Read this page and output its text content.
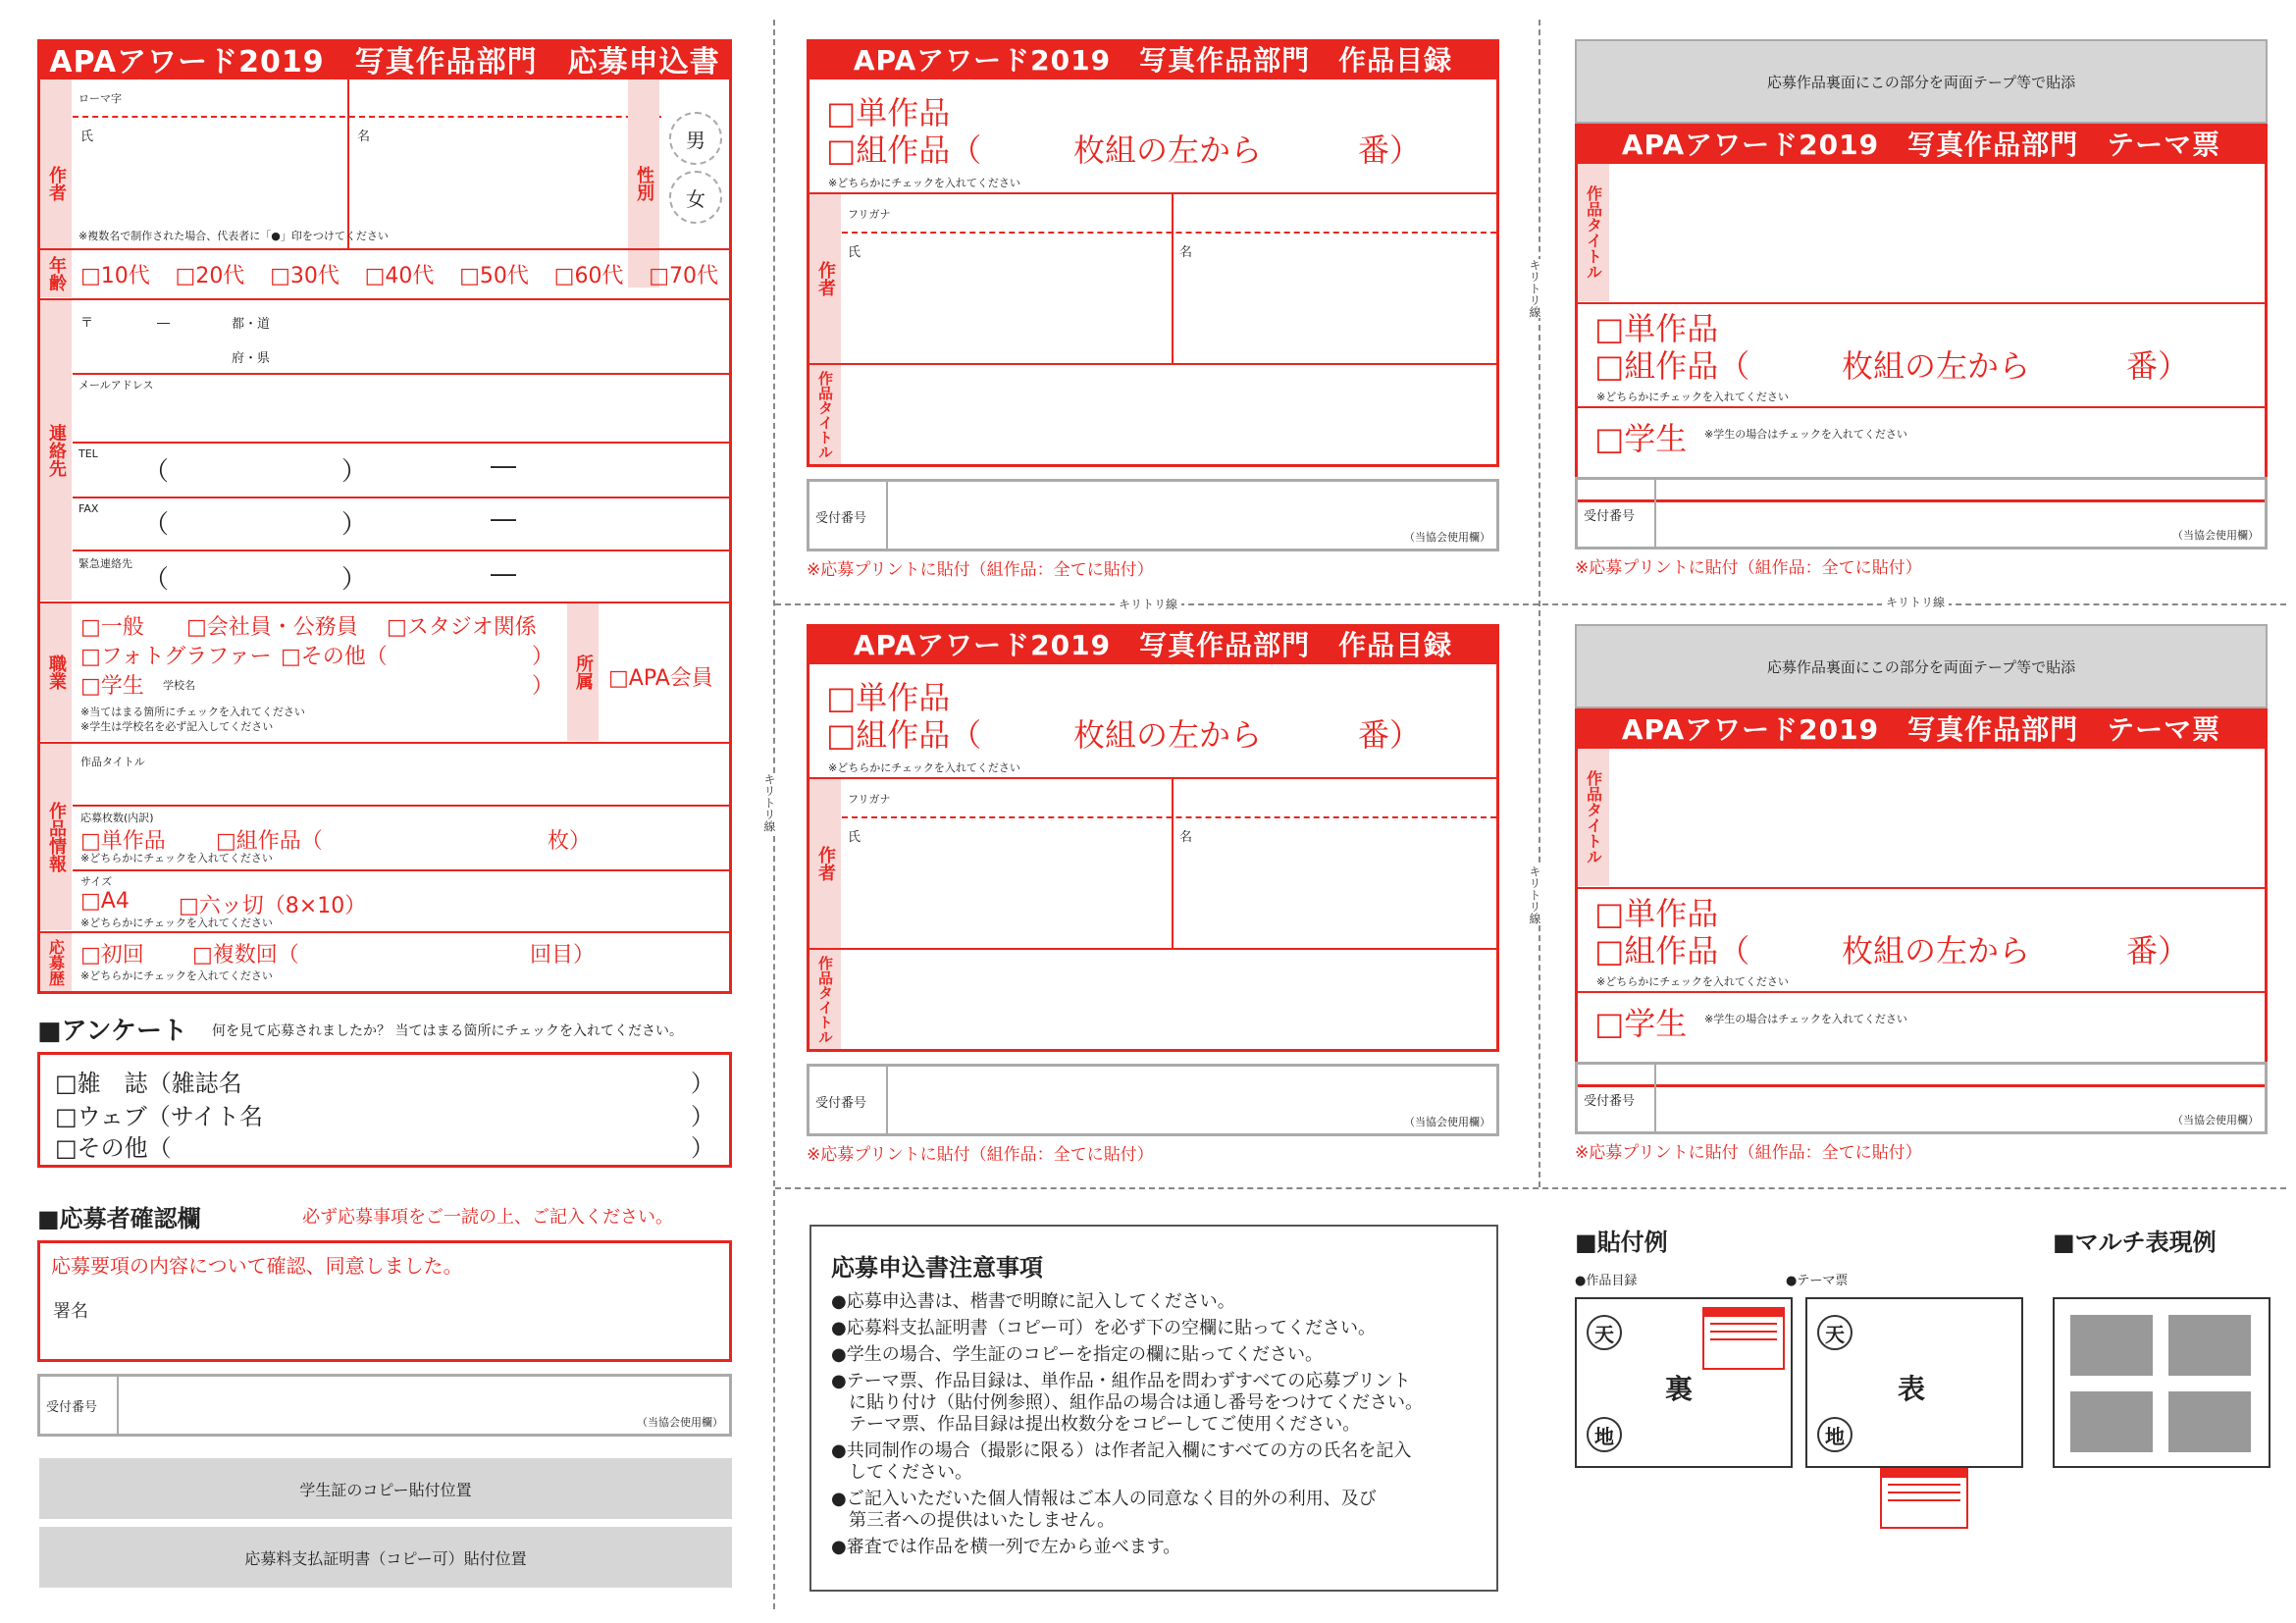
APAアワード2019　写真作品部門　応募申込書
作者
ローマ字
氏	名
※複数名で制作された場合、代表者に「●」印をつけてください
性別
男
女
年齢 □10代 □20代 □30代 □40代 □50代 □60代 □70代
連絡先
〒　　　　　―	都・道
府・県
メールアドレス
TEL
（	）	―
FAX
（	）	―
緊急連絡先
（	）	―
職業
□一般 □会社員・公務員 □スタジオ関係
□フォトグラファー □その他（	）
□学生 学校名	）
※当てはまる箇所にチェックを入れてください
※学生は学校名を必ず記入してください
所属 □APA会員
作品情報
作品タイトル
応募枚数(内訳)
□単作品 □組作品（	枚）
※どちらかにチェックを入れてください
サイズ
□A4 □六ッ切（8×10）
※どちらかにチェックを入れてください
応募歴 □初回 □複数回（	回目）
※どちらかにチェックを入れてください
■アンケート 何を見て応募されましたか？ 当てはまる箇所にチェックを入れてください。
□雑　誌（雑誌名	）
□ウェブ（サイト名	）
□その他（	）
■応募者確認欄	必ず応募事項をご一読の上、ご記入ください。
応募要項の内容について確認、同意しました。
署名
受付番号
（当協会使用欄）
学生証のコピー貼付位置
応募料支払証明書（コピー可）貼付位置
キリトリ線	キリトリ線
キリトリ線
キリトリ線
キリトリ線
APAアワード2019　写真作品部門　作品目録
□単作品
□組作品（	枚組の左から	番）
※どちらかにチェックを入れてください
作者
フリガナ
氏	名
作品タイトル
受付番号
（当協会使用欄）
※応募プリントに貼付（組作品：全てに貼付）
APAアワード2019　写真作品部門　作品目録
□単作品
□組作品（	枚組の左から	番）
※どちらかにチェックを入れてください
作者
フリガナ
氏	名
作品タイトル
受付番号
（当協会使用欄）
※応募プリントに貼付（組作品：全てに貼付）
応募作品裏面にこの部分を両面テープ等で貼添
APAアワード2019　写真作品部門　テーマ票
作品タイトル
□単作品
□組作品（	枚組の左から	番）
※どちらかにチェックを入れてください
□学生 ※学生の場合はチェックを入れてください
受付番号
（当協会使用欄）
※応募プリントに貼付（組作品：全てに貼付）
応募作品裏面にこの部分を両面テープ等で貼添
APAアワード2019　写真作品部門　テーマ票
作品タイトル
□単作品
□組作品（	枚組の左から	番）
※どちらかにチェックを入れてください
□学生 ※学生の場合はチェックを入れてください
受付番号
（当協会使用欄）
※応募プリントに貼付（組作品：全てに貼付）
応募申込書注意事項
●応募申込書は、楷書で明瞭に記入してください。
●応募料支払証明書（コピー可）を必ず下の空欄に貼ってください。
●学生の場合、学生証のコピーを指定の欄に貼ってください。
●テーマ票、作品目録は、単作品・組作品を問わずすべての応募プリント
　に貼り付け（貼付例参照）、組作品の場合は通し番号をつけてください。
　テーマ票、作品目録は提出枚数分をコピーしてご使用ください。
●共同制作の場合（撮影に限る）は作者記入欄にすべての方の氏名を記入
　してください。
●ご記入いただいた個人情報はご本人の同意なく目的外の利用、及び
　第三者への提供はいたしません。
●審査では作品を横一列で左から並べます。
■貼付例
●作品目録	●テーマ票
天
地
裏
天
地
表
■マルチ表現例
